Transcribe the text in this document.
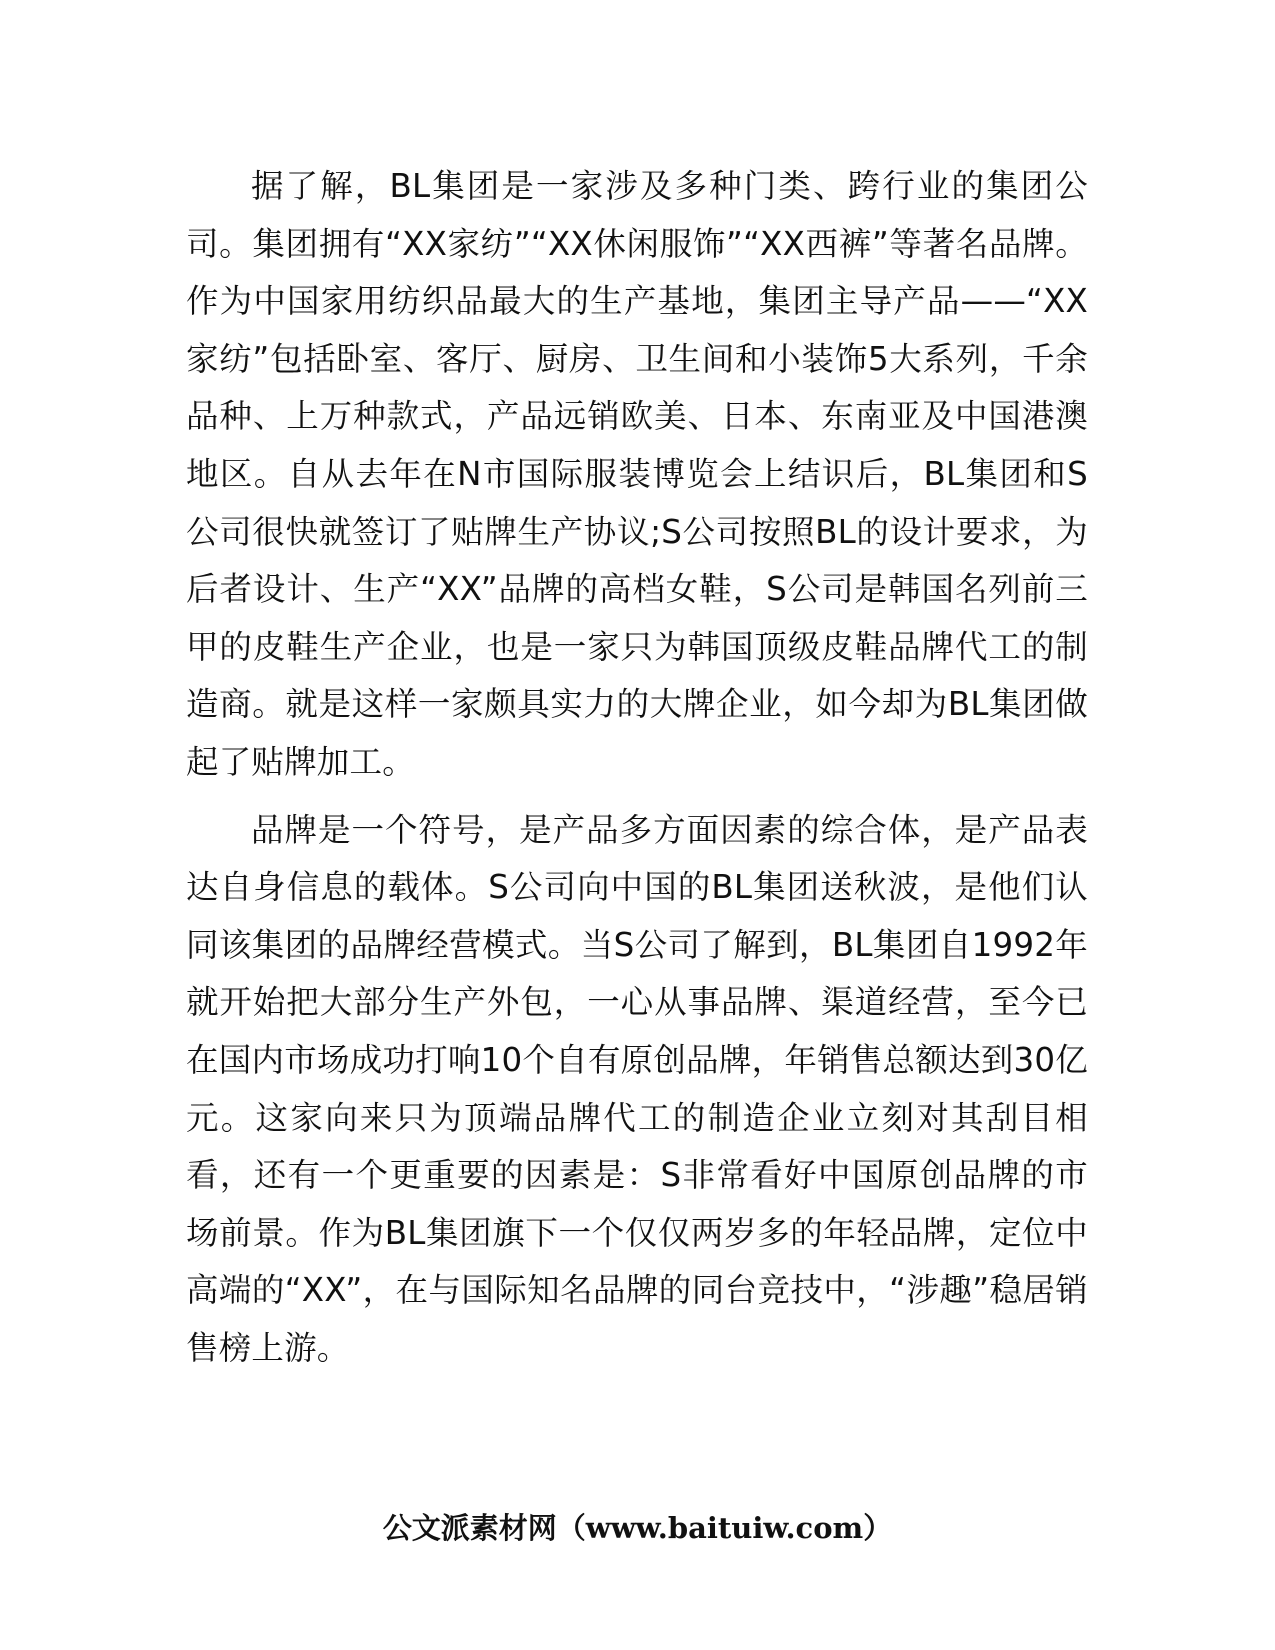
据了解，BL集团是一家涉及多种门类、跨行业的集团公司。集团拥有“XX家纺”“XX休闲服饰”“XX西裤”等著名品牌。作为中国家用纺织品最大的生产基地，集团主导产品——“XX家纺”包括卧室、客厅、厨房、卫生间和小装饰5大系列，千余品种、上万种款式，产品远销欧美、日本、东南亚及中国港澳地区。自从去年在N市国际服装博览会上结识后，BL集团和S公司很快就签订了贴牌生产协议;S公司按照BL的设计要求，为后者设计、生产“XX”品牌的高档女鞋，S公司是韩国名列前三甲的皮鞋生产企业，也是一家只为韩国顶级皮鞋品牌代工的制造商。就是这样一家颇具实力的大牌企业，如今却为BL集团做起了贴牌加工。

品牌是一个符号，是产品多方面因素的综合体，是产品表达自身信息的载体。S公司向中国的BL集团送秋波，是他们认同该集团的品牌经营模式。当S公司了解到，BL集团自1992年就开始把大部分生产外包，一心从事品牌、渠道经营，至今已在国内市场成功打响10个自有原创品牌，年销售总额达到30亿元。这家向来只为顶端品牌代工的制造企业立刻对其刮目相看，还有一个更重要的因素是：S非常看好中国原创品牌的市场前景。作为BL集团旗下一个仅仅两岁多的年轻品牌，定位中高端的“XX”，在与国际知名品牌的同台竞技中，“涉趣”稳居销售榜上游。

公文派素材网（www.baituiw.com）
